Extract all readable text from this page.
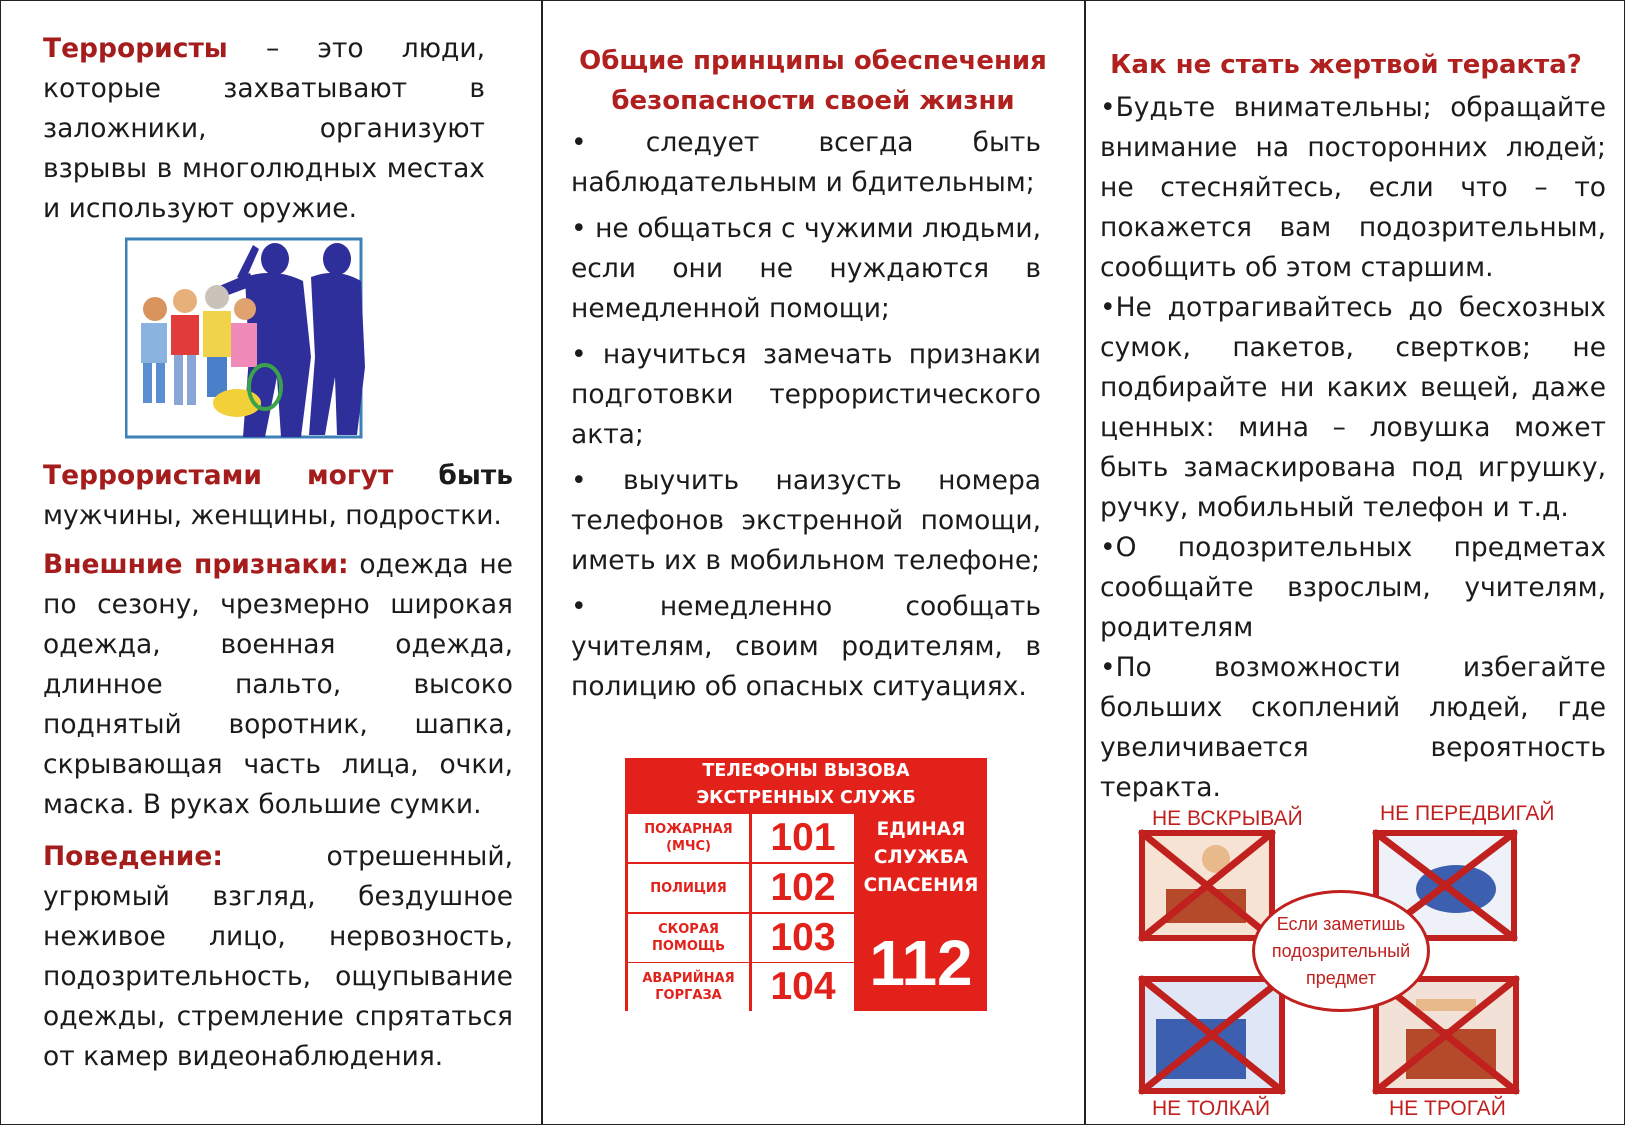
Террористы – это люди, которые захватывают в заложники, организуют взрывы в многолюдных местах и используют оружие.
Террористами могут быть мужчины, женщины, подростки.
Внешние признаки: одежда не по сезону, чрезмерно широкая одежда, военная одежда, длинное пальто, высоко поднятый воротник, шапка, скрывающая часть лица, очки, маска. В руках большие сумки.
Поведение: отрешенный, угрюмый взгляд, бездушное неживое лицо, нервозность, подозрительность, ощупывание одежды, стремление спрятаться от камер видеонаблюдения.
Общие принципы обеспечения безопасности своей жизни

• следует всегда быть наблюдательным и бдительным;

• не общаться с чужими людьми, если они не нуждаются в немедленной помощи;

• научиться замечать признаки подготовки террористического акта;

• выучить наизусть номера телефонов экстренной помощи, иметь их в мобильном телефоне;

• немедленно сообщать учителям, своим родителям, в полицию об опасных ситуациях.

ТЕЛЕФОНЫ ВЫЗОВА
ЭКСТРЕННЫХ СЛУЖБ
ПОЖАРНАЯ (МЧС)	101
ПОЛИЦИЯ	102
СКОРАЯ ПОМОЩЬ	103
АВАРИЙНАЯ ГОРГАЗА	104
ЕДИНАЯ СЛУЖБА СПАСЕНИЯ
112
Как не стать жертвой теракта?

•Будьте внимательны; обращайте внимание на посторонних людей; не стесняйтесь, если что – то покажется вам подозрительным, сообщить об этом старшим.

•Не дотрагивайтесь до бесхозных сумок, пакетов, свертков; не подбирайте ни каких вещей, даже ценных: мина – ловушка может быть замаскирована под игрушку, ручку, мобильный телефон и т.д.

•О подозрительных предметах сообщайте взрослым, учителям, родителям

•По возможности избегайте больших скоплений людей, где увеличивается вероятность теракта.

НЕ ВСКРЫВАЙ	НЕ ПЕРЕДВИГАЙ
НЕ ТОЛКАЙ	НЕ ТРОГАЙ
Если заметишь подозрительный предмет
